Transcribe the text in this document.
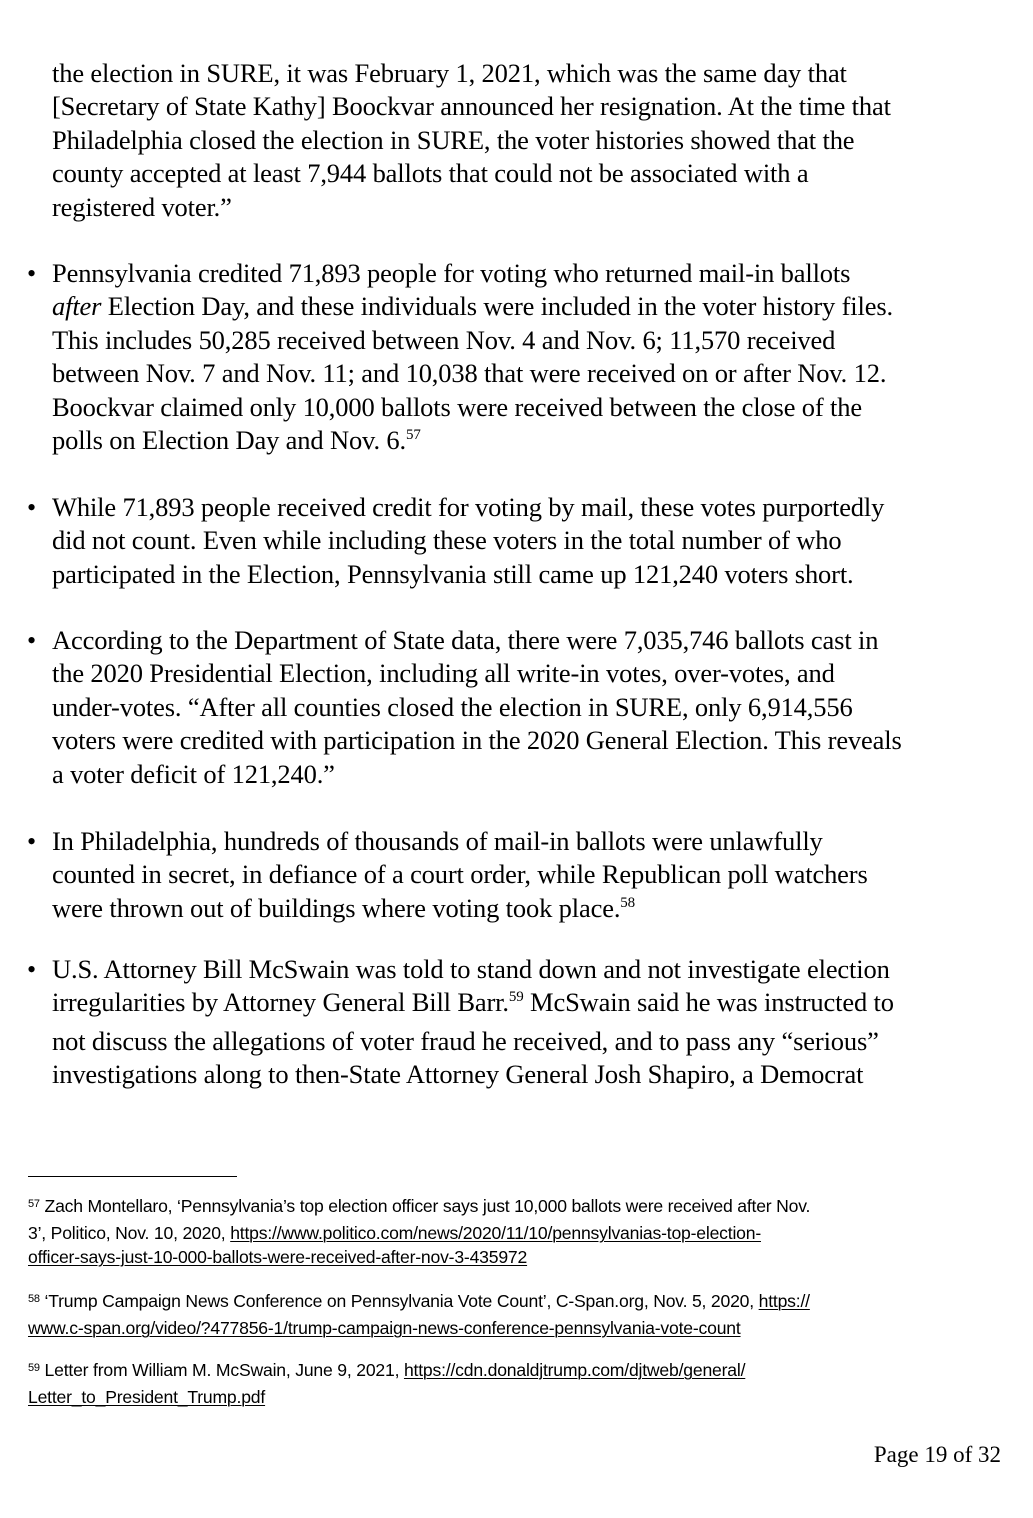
the election in SURE, it was February 1, 2021, which was the same day that
[Secretary of State Kathy] Boockvar announced her resignation. At the time that
Philadelphia closed the election in SURE, the voter histories showed that the
county accepted at least 7,944 ballots that could not be associated with a
registered voter.”

• Pennsylvania credited 71,893 people for voting who returned mail-in ballots
after Election Day, and these individuals were included in the voter history files.
This includes 50,285 received between Nov. 4 and Nov. 6; 11,570 received
between Nov. 7 and Nov. 11; and 10,038 that were received on or after Nov. 12.
Boockvar claimed only 10,000 ballots were received between the close of the
polls on Election Day and Nov. 6.57

• While 71,893 people received credit for voting by mail, these votes purportedly
did not count. Even while including these voters in the total number of who
participated in the Election, Pennsylvania still came up 121,240 voters short.

• According to the Department of State data, there were 7,035,746 ballots cast in
the 2020 Presidential Election, including all write-in votes, over-votes, and
under-votes. “After all counties closed the election in SURE, only 6,914,556
voters were credited with participation in the 2020 General Election. This reveals
a voter deficit of 121,240.”

• In Philadelphia, hundreds of thousands of mail-in ballots were unlawfully
counted in secret, in defiance of a court order, while Republican poll watchers
were thrown out of buildings where voting took place.$^{58}$

• U.S. Attorney Bill McSwain was told to stand down and not investigate election
irregularities by Attorney General Bill Barr.$^{59}$ McSwain said he was instructed to
not discuss the allegations of voter fraud he received, and to pass any “serious”
investigations along to then-State Attorney General Josh Shapiro, a Democrat

$^{57}$ Zach Montellaro, ‘Pennsylvania’s top election officer says just 10,000 ballots were received after Nov.
3’, Politico, Nov. 10, 2020, https://www.politico.com/news/2020/11/10/pennsylvanias-top-election-
officer-says-just-10-000-ballots-were-received-after-nov-3-435972
$^{58}$ ‘Trump Campaign News Conference on Pennsylvania Vote Count’, C-Span.org, Nov. 5, 2020, https://
www.c-span.org/video/?477856-1/trump-campaign-news-conference-pennsylvania-vote-count
$^{59}$ Letter from William M. McSwain, June 9, 2021, https://cdn.donaldjtrump.com/djtweb/general/
Letter_to_President_Trump.pdf
Page 19 of 32
